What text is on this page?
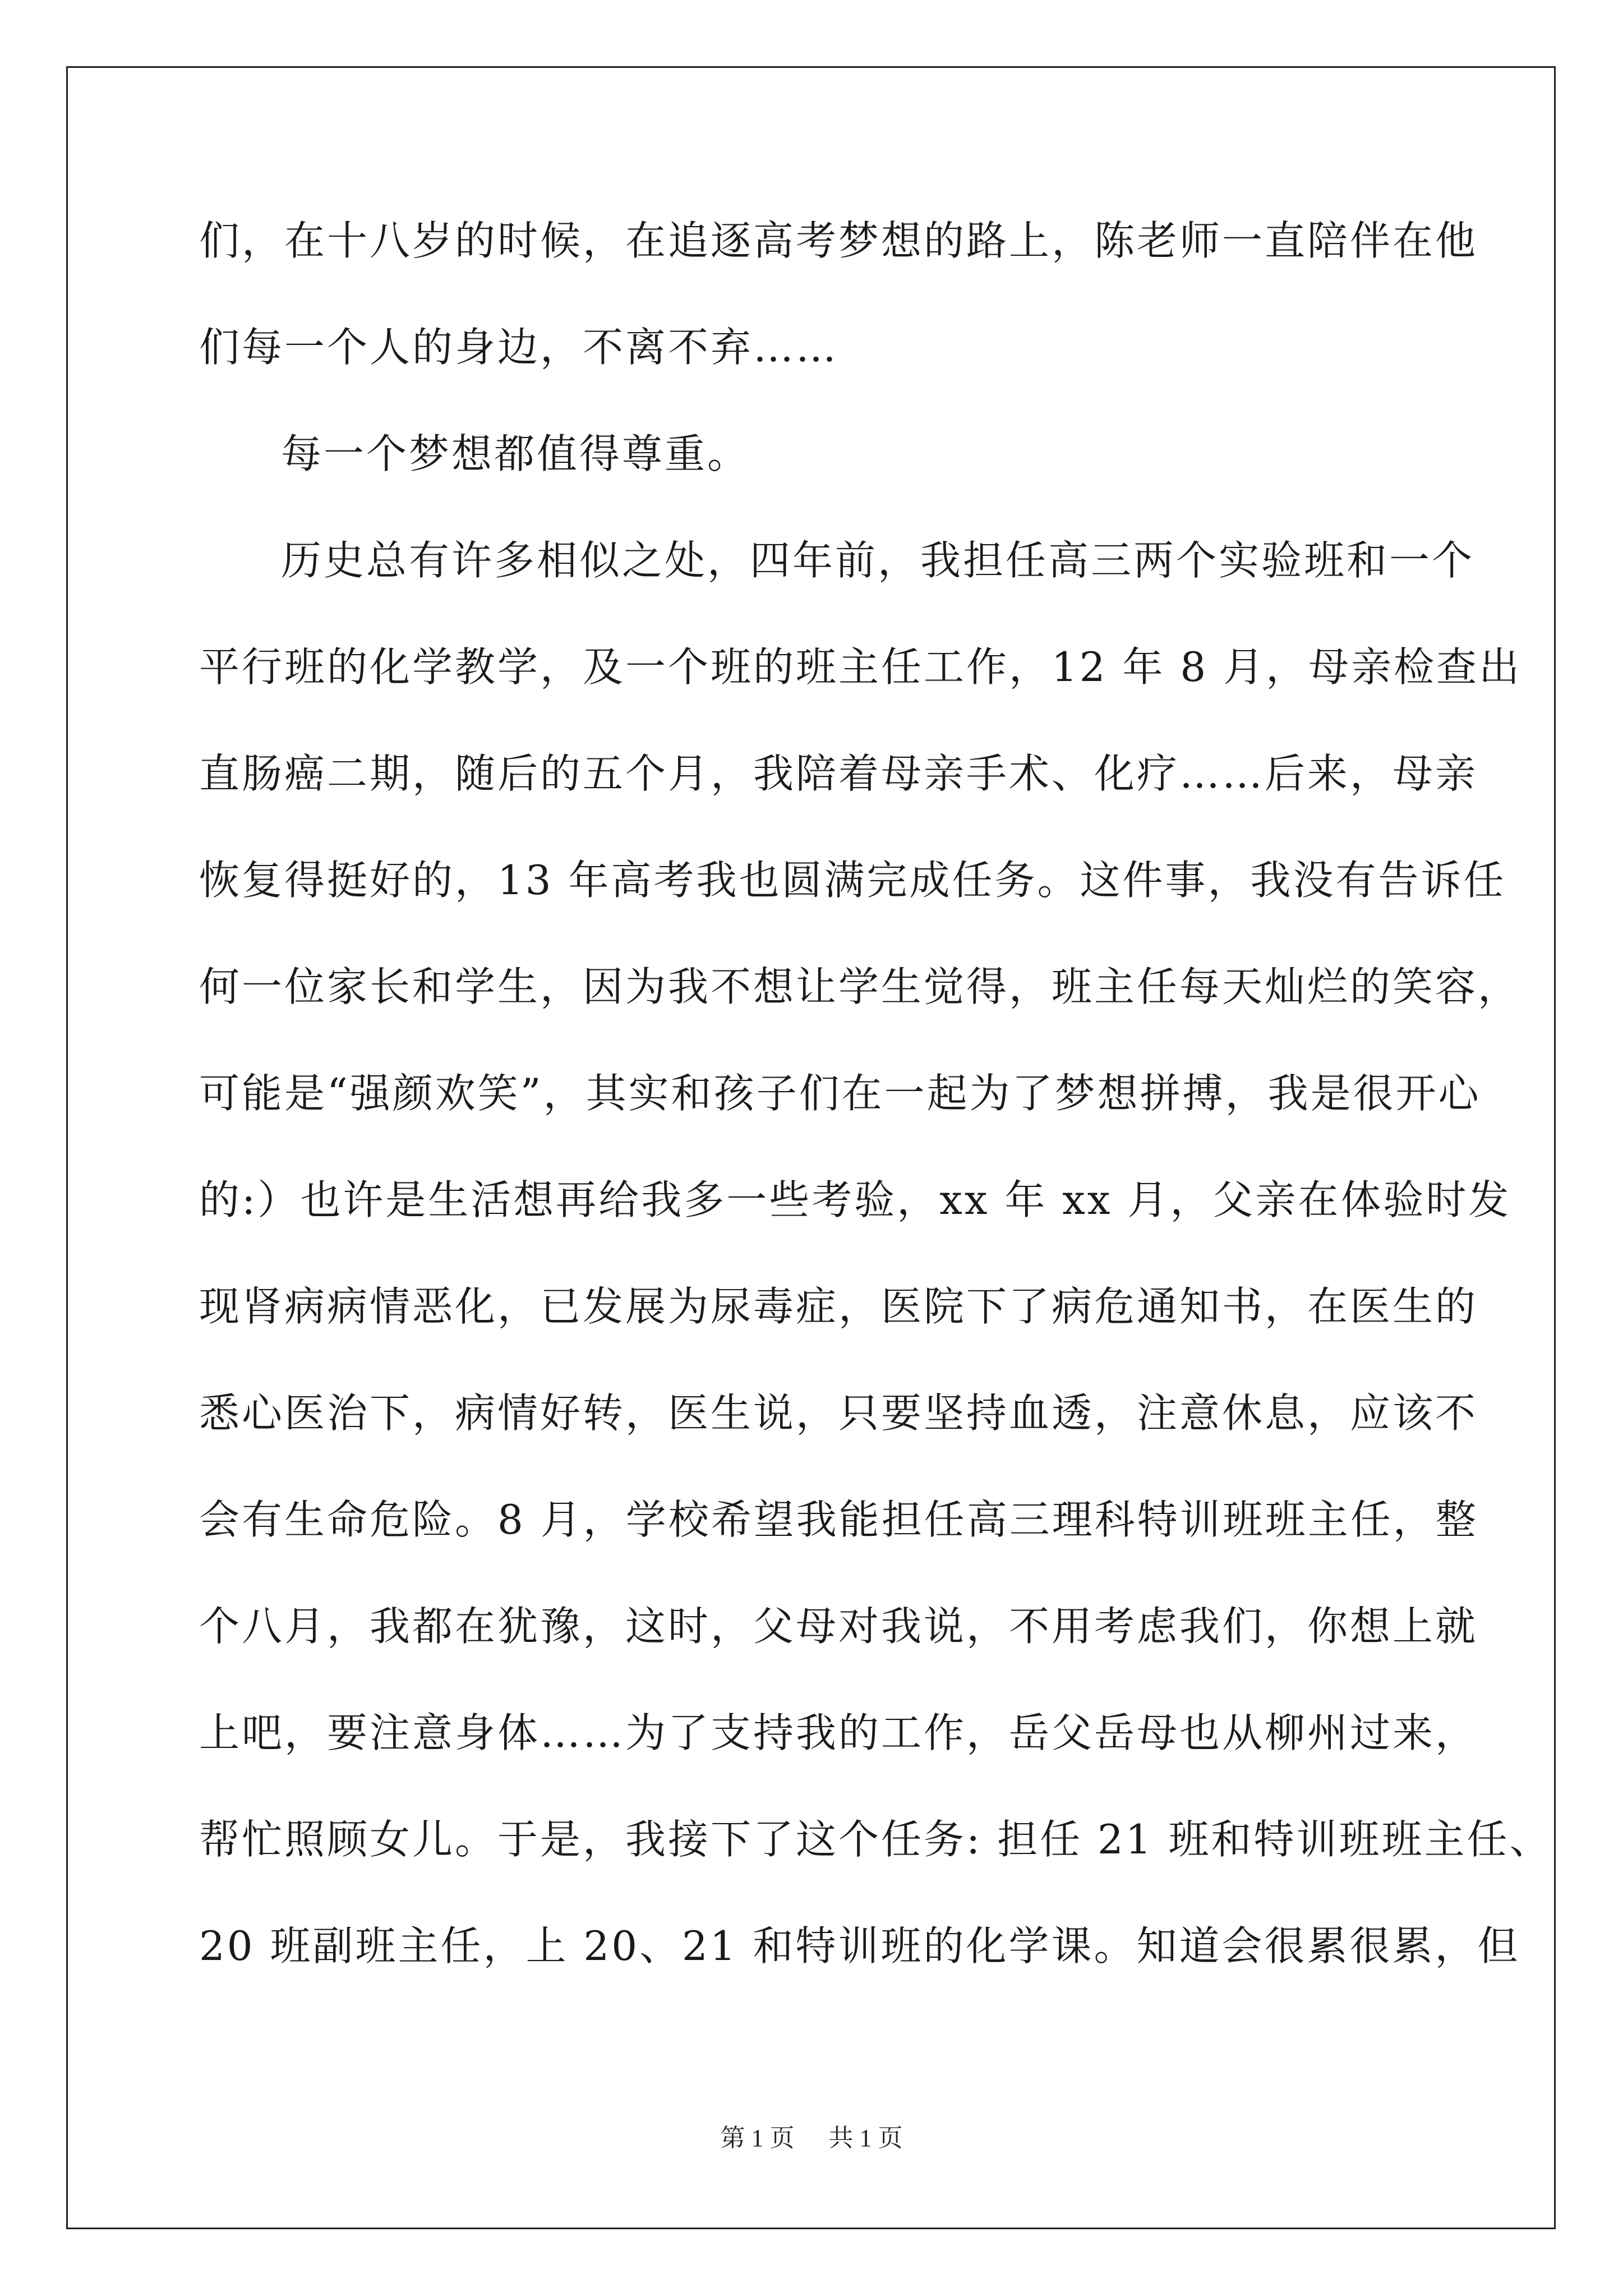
们，在十八岁的时候，在追逐高考梦想的路上，陈老师一直陪伴在他
们每一个人的身边，不离不弃……
每一个梦想都值得尊重。
历史总有许多相似之处，四年前，我担任高三两个实验班和一个
平行班的化学教学，及一个班的班主任工作，12 年 8 月，母亲检查出
直肠癌二期，随后的五个月，我陪着母亲手术、化疗……后来，母亲
恢复得挺好的，13 年高考我也圆满完成任务。这件事，我没有告诉任
何一位家长和学生，因为我不想让学生觉得，班主任每天灿烂的笑容，
可能是“强颜欢笑”，其实和孩子们在一起为了梦想拼搏，我是很开心
的:）也许是生活想再给我多一些考验，xx 年 xx 月，父亲在体验时发
现肾病病情恶化，已发展为尿毒症，医院下了病危通知书，在医生的
悉心医治下，病情好转，医生说，只要坚持血透，注意休息，应该不
会有生命危险。8 月，学校希望我能担任高三理科特训班班主任，整
个八月，我都在犹豫，这时，父母对我说，不用考虑我们，你想上就
上吧，要注意身体……为了支持我的工作，岳父岳母也从柳州过来，
帮忙照顾女儿。于是，我接下了这个任务: 担任 21 班和特训班班主任、
20 班副班主任，上 20、21 和特训班的化学课。知道会很累很累，但
第 1 页 共 1 页
